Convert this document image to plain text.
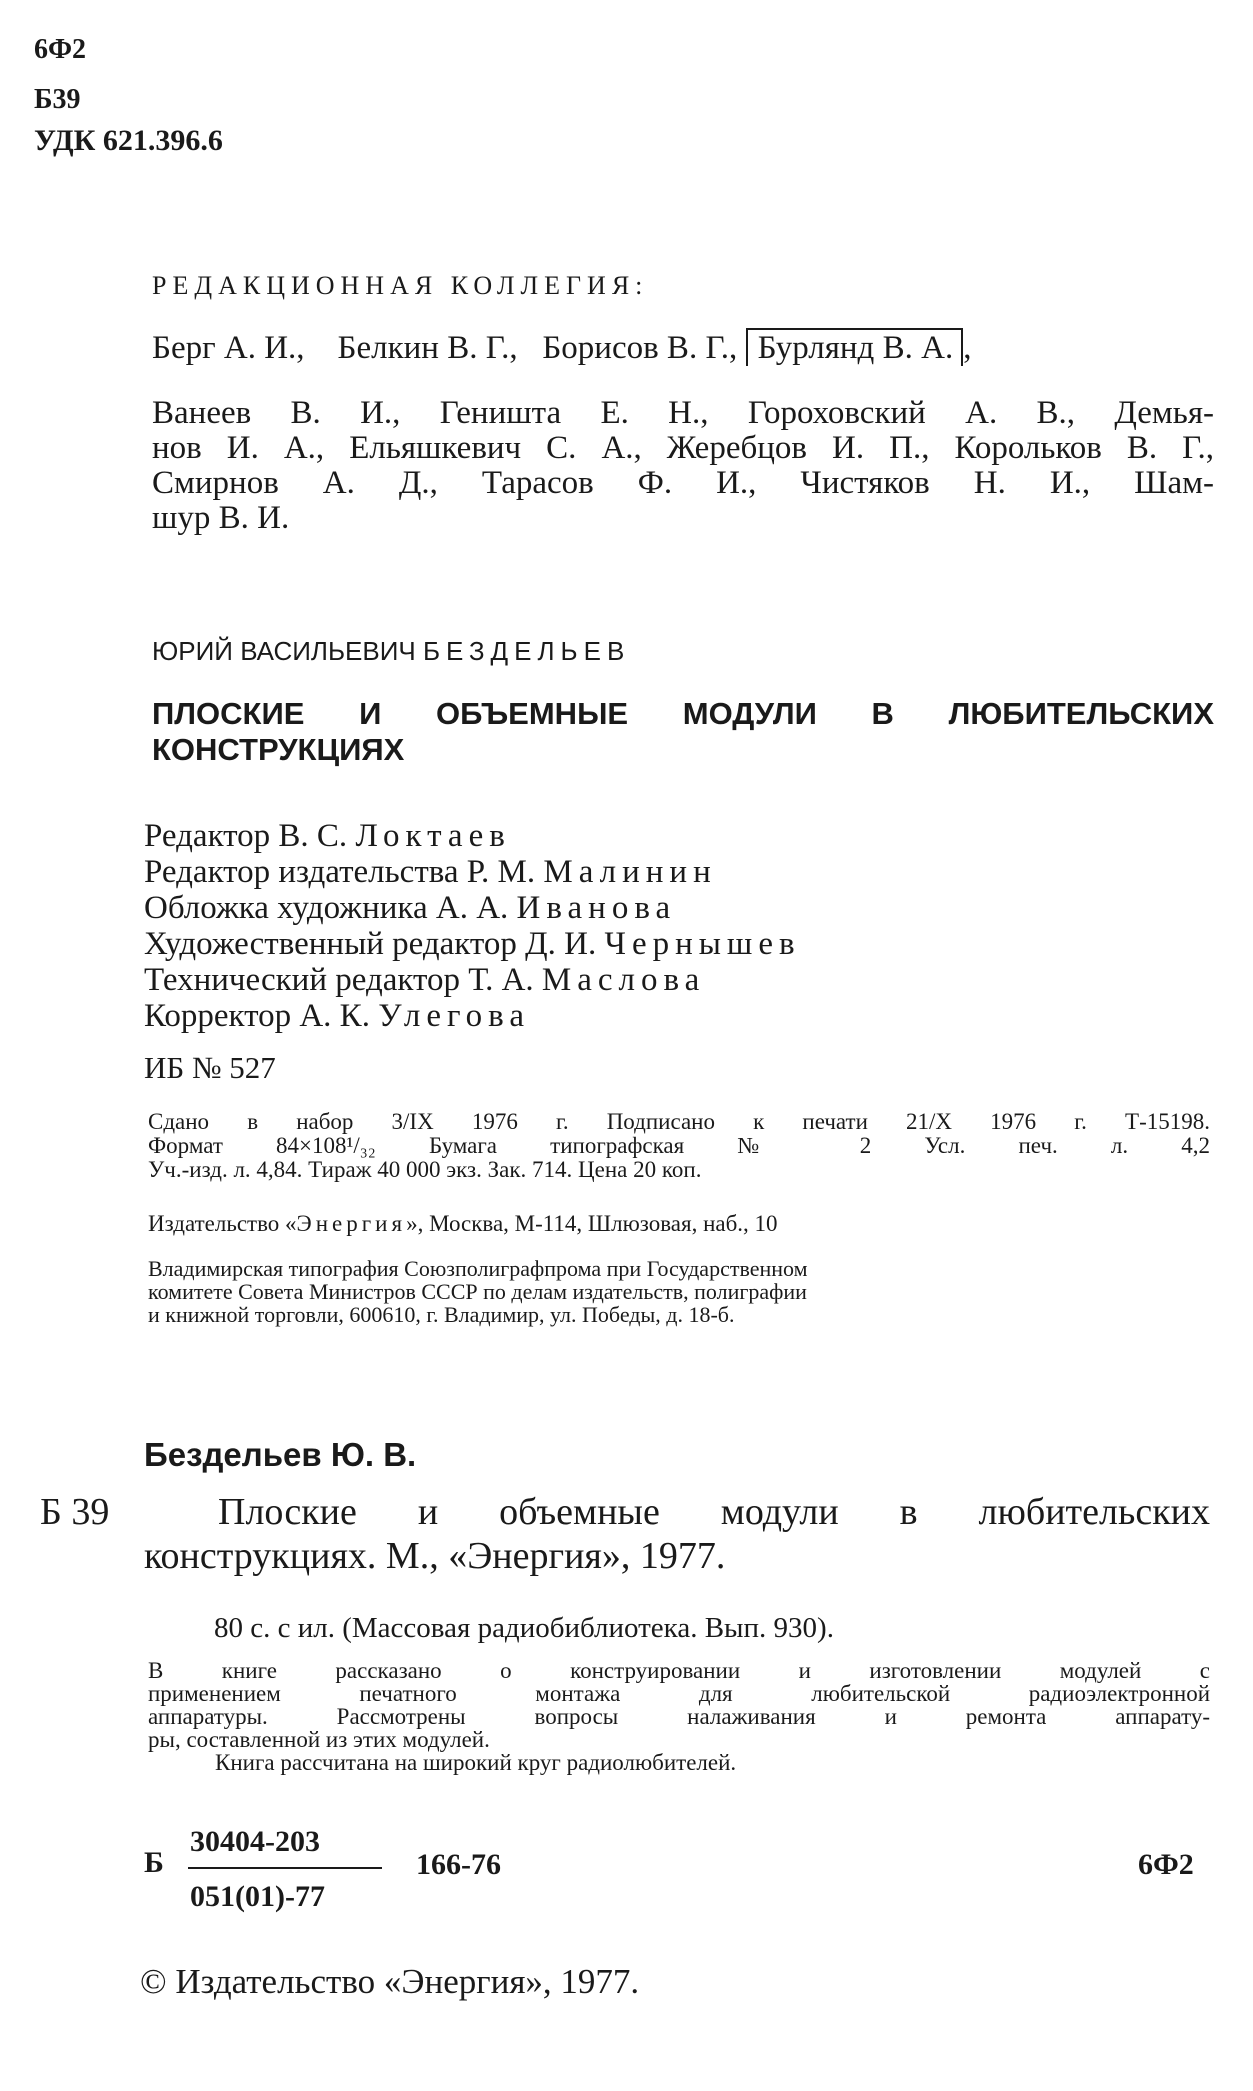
6Ф2
Б39
УДК 621.396.6
РЕДАКЦИОННАЯ КОЛЛЕГИЯ:
Берг А. И., Белкин В. Г., Борисов В. Г., Бурлянд В. А. ,
Ванеев В. И., Геништа Е. Н., Гороховский А. В., Демья-
нов И. А., Ельяшкевич С. А., Жеребцов И. П., Корольков В. Г.,
Смирнов А. Д., Тарасов Ф. И., Чистяков Н. И., Шам-
шур В. И.
ЮРИЙ ВАСИЛЬЕВИЧ БЕЗДЕЛЬЕВ
ПЛОСКИЕ И ОБЪЕМНЫЕ МОДУЛИ В ЛЮБИТЕЛЬСКИХ
КОНСТРУКЦИЯХ
Редактор В. С. Локтаев
Редактор издательства Р. М. Малинин
Обложка художника А. А. Иванова
Художественный редактор Д. И. Чернышев
Технический редактор Т. А. Маслова
Корректор А. К. Улегова
ИБ № 527
Сдано в набор 3/IX 1976 г. Подписано к печати 21/X 1976 г. Т-15198.
Формат 84×108¹/₃₂ Бумага типографская № 2 Усл. печ. л. 4,2
Уч.-изд. л. 4,84. Тираж 40 000 экз. Зак. 714. Цена 20 коп.
Издательство «Энергия», Москва, М-114, Шлюзовая, наб., 10
Владимирская типография Союзполиграфпрома при Государственном
комитете Совета Министров СССР по делам издательств, полиграфии
и книжной торговли, 600610, г. Владимир, ул. Победы, д. 18-б.
Бездельев Ю. В.
Б 39	Плоские и объемные модули в любительских
конструкциях. М., «Энергия», 1977.
80 с. с ил. (Массовая радиобиблиотека. Вып. 930).
В книге рассказано о конструировании и изготовлении модулей с
применением печатного монтажа для любительской радиоэлектронной
аппаратуры. Рассмотрены вопросы налаживания и ремонта аппарату-
ры, составленной из этих модулей.
Книга рассчитана на широкий круг радиолюбителей.
Б
30404-203
051(01)-77
166-76	6Ф2
© Издательство «Энергия», 1977.
